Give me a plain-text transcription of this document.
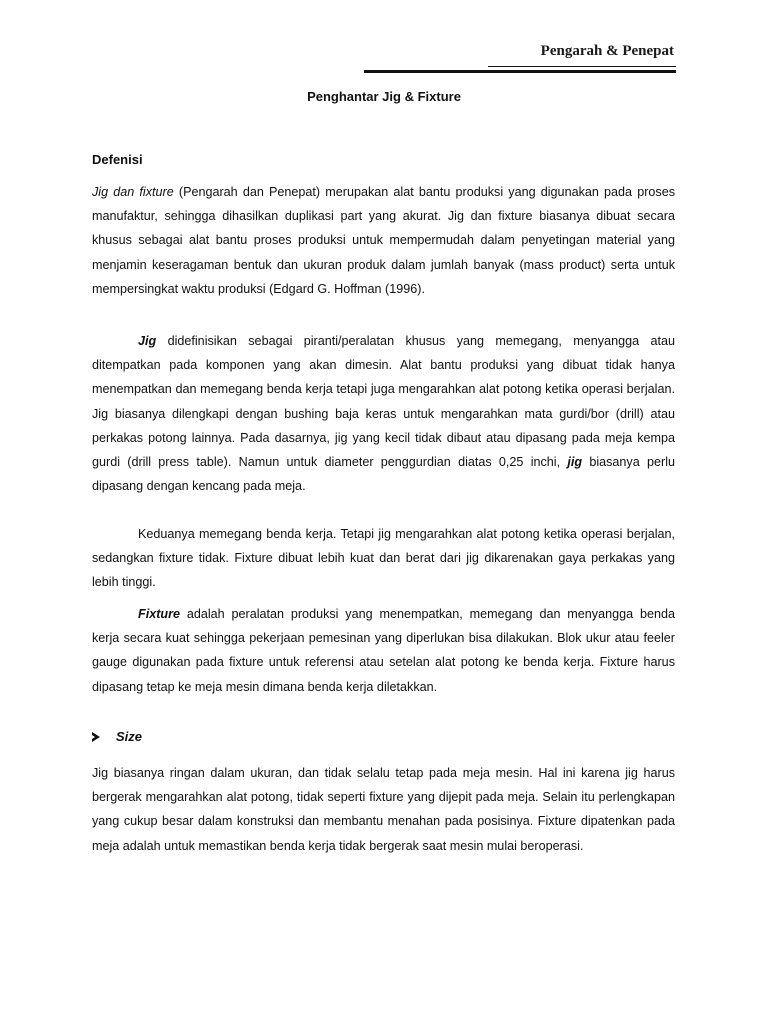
Pengarah & Penepat
Penghantar Jig & Fixture
Defenisi

Jig dan fixture (Pengarah dan Penepat) merupakan alat bantu produksi yang digunakan pada proses manufaktur, sehingga dihasilkan duplikasi part yang akurat. Jig dan fixture biasanya dibuat secara khusus sebagai alat bantu proses produksi untuk mempermudah dalam penyetingan material yang menjamin keseragaman bentuk dan ukuran produk dalam jumlah banyak (mass product) serta untuk mempersingkat waktu produksi (Edgard G. Hoffman (1996).

Jig didefinisikan sebagai piranti/peralatan khusus yang memegang, menyangga atau ditempatkan pada komponen yang akan dimesin. Alat bantu produksi yang dibuat tidak hanya menempatkan dan memegang benda kerja tetapi juga mengarahkan alat potong ketika operasi berjalan. Jig biasanya dilengkapi dengan bushing baja keras untuk mengarahkan mata gurdi/bor (drill) atau perkakas potong lainnya. Pada dasarnya, jig yang kecil tidak dibaut atau dipasang pada meja kempa gurdi (drill press table). Namun untuk diameter penggurdian diatas 0,25 inchi, jig biasanya perlu dipasang dengan kencang pada meja.

Keduanya memegang benda kerja. Tetapi jig mengarahkan alat potong ketika operasi berjalan, sedangkan fixture tidak. Fixture dibuat lebih kuat dan berat dari jig dikarenakan gaya perkakas yang lebih tinggi.

Fixture adalah peralatan produksi yang menempatkan, memegang dan menyangga benda kerja secara kuat sehingga pekerjaan pemesinan yang diperlukan bisa dilakukan. Blok ukur atau feeler gauge digunakan pada fixture untuk referensi atau setelan alat potong ke benda kerja. Fixture harus dipasang tetap ke meja mesin dimana benda kerja diletakkan.

Size

Jig biasanya ringan dalam ukuran, dan tidak selalu tetap pada meja mesin. Hal ini karena jig harus bergerak mengarahkan alat potong, tidak seperti fixture yang dijepit pada meja. Selain itu perlengkapan yang cukup besar dalam konstruksi dan membantu menahan pada posisinya. Fixture dipatenkan pada meja adalah untuk memastikan benda kerja tidak bergerak saat mesin mulai beroperasi.
